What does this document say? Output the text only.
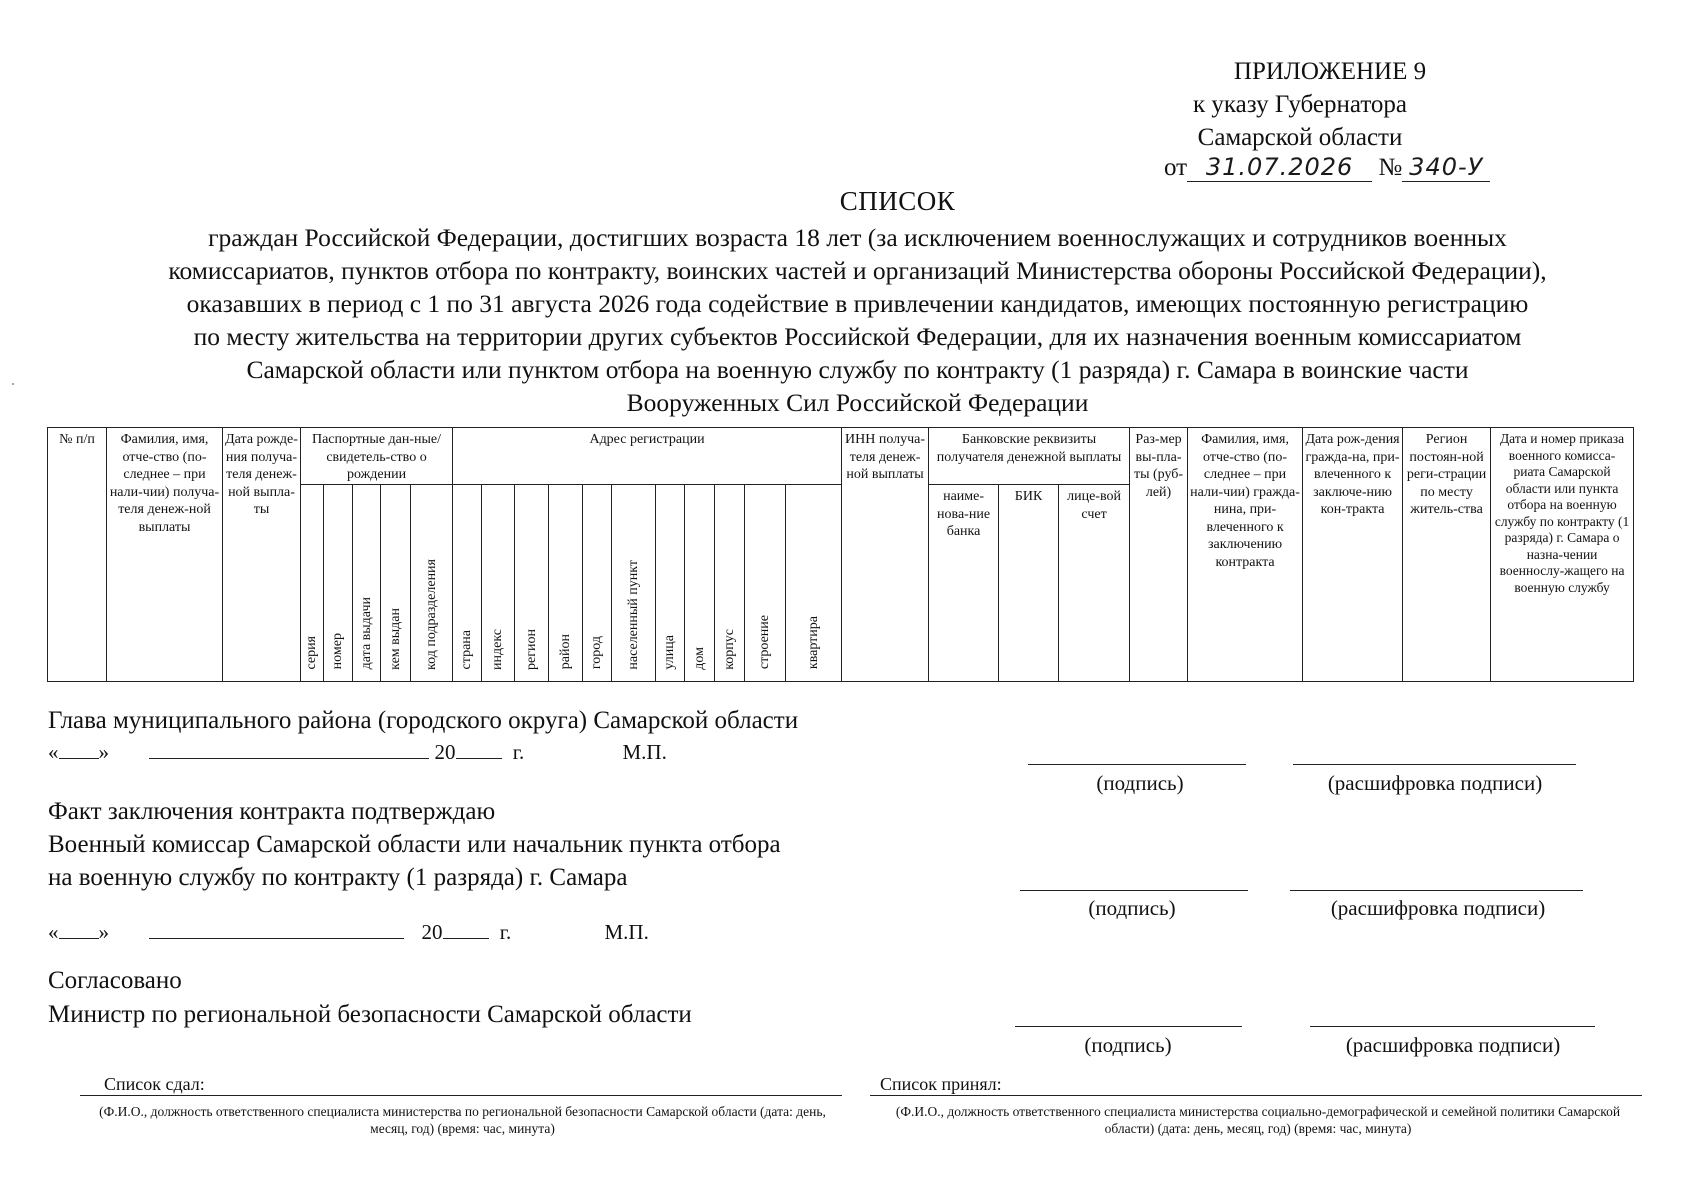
ПРИЛОЖЕНИЕ 9
к указу Губернатора
Самарской области
от 31.07.2026 № 340-У
СПИСОК
граждан Российской Федерации, достигших возраста 18 лет (за исключением военнослужащих и сотрудников военных
комиссариатов, пунктов отбора по контракту, воинских частей и организаций Министерства обороны Российской Федерации),
оказавших в период с 1 по 31 августа 2026 года содействие в привлечении кандидатов, имеющих постоянную регистрацию
по месту жительства на территории других субъектов Российской Федерации, для их назначения военным комиссариатом
Самарской области или пунктом отбора на военную службу по контракту (1 разряда) г. Самара в воинские части
Вооруженных Сил Российской Федерации
№ п/п	Фамилия, имя, отче-ство (по-следнее – при нали-чии) получа-теля денеж-ной выплаты	Дата рожде-ния получа-теля денеж-ной выпла-ты	Паспортные дан-ные/ свидетель-ство о рождении					Адрес регистрации											ИНН получа-теля денеж-ной выплаты	Банковские реквизиты получателя денежной выплаты			Раз-мер вы-пла-ты (руб-лей)	Фамилия, имя, отче-ство (по-следнее – при нали-чии) гражда-нина, при-влеченного к заключению контракта	Дата рож-дения гражда-на, при-влеченного к заключе-нию кон-тракта	Регион постоян-ной реги-страции по месту житель-ства	Дата и номер приказа военного комисса-риата Самарской области или пункта отбора на военную службу по контракту (1 разряда) г. Самара о назна-чении военнослу-жащего на военную службу

			серия	номер	дата выдачи	кем выдан	код подразделения	страна	индекс	регион	район	город	населенный пункт	улица	дом	корпус	строение	квартира		наиме-нова-ние банка	БИК	лице-вой счет					
Глава муниципального района (городского округа) Самарской области
« »	20	г.	М.П.
(подпись)	(расшифровка подписи)
Факт заключения контракта подтверждаю
Военный комиссар Самарской области или начальник пункта отбора
на военную службу по контракту (1 разряда) г. Самара
(подпись)	(расшифровка подписи)
« »	20	г.	М.П.
Согласовано
Министр по региональной безопасности Самарской области
(подпись)	(расшифровка подписи)
Список сдал:
(Ф.И.О., должность ответственного специалиста министерства по региональной безопасности Самарской области (дата: день, месяц, год) (время: час, минута)
Список принял:
(Ф.И.О., должность ответственного специалиста министерства социально-демографической и семейной политики Самарской области) (дата: день, месяц, год) (время: час, минута)
